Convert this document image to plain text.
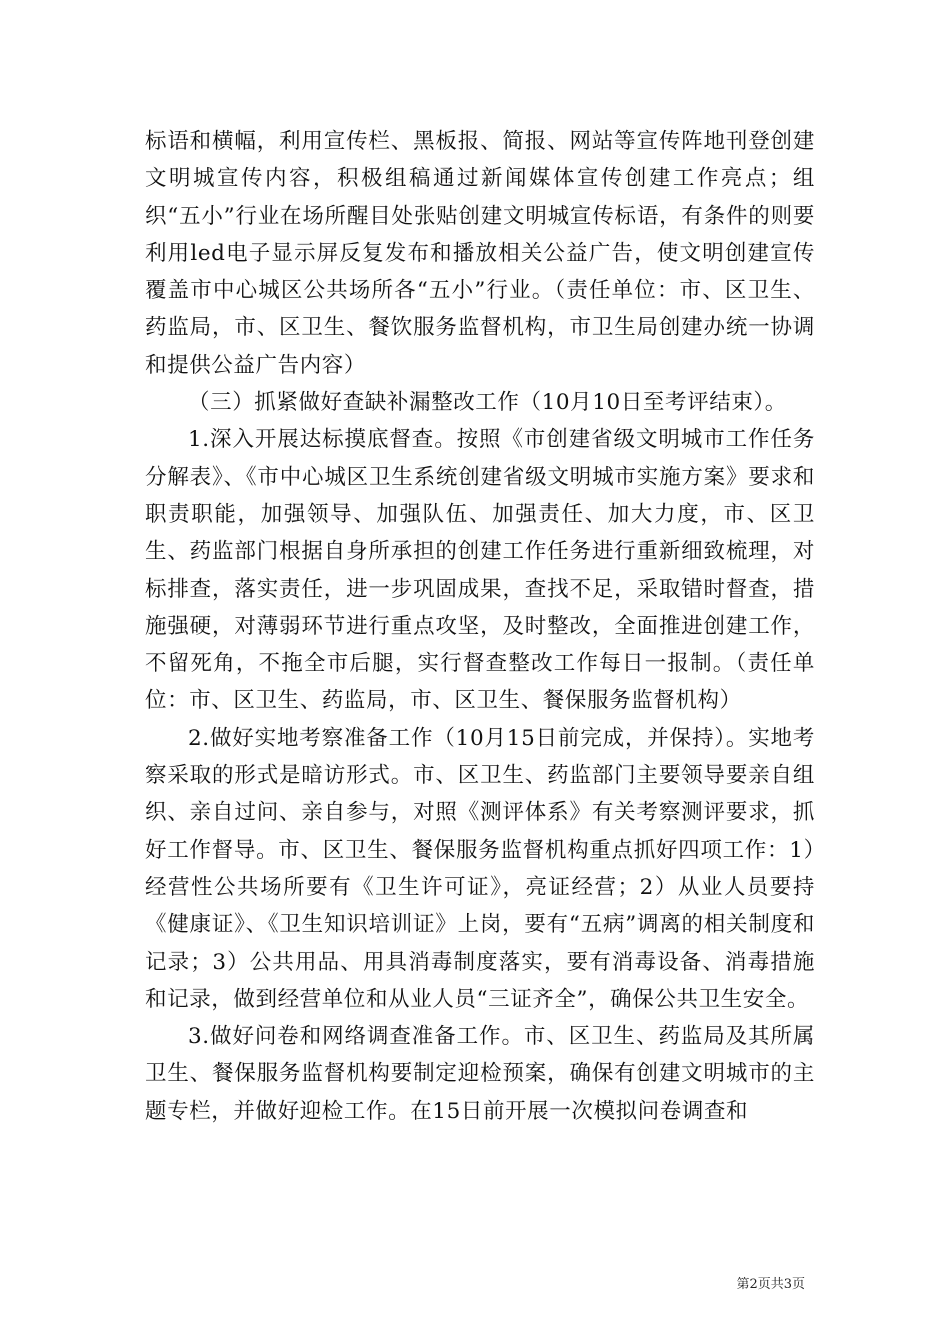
标语和横幅，利用宣传栏、黑板报、简报、网站等宣传阵地刊登创建文明城宣传内容，积极组稿通过新闻媒体宣传创建工作亮点；组织“五小”行业在场所醒目处张贴创建文明城宣传标语，有条件的则要利用led电子显示屏反复发布和播放相关公益广告，使文明创建宣传覆盖市中心城区公共场所各“五小”行业。（责任单位：市、区卫生、药监局，市、区卫生、餐饮服务监督机构，市卫生局创建办统一协调和提供公益广告内容）

（三）抓紧做好查缺补漏整改工作（10月10日至考评结束）。

1.深入开展达标摸底督查。按照《市创建省级文明城市工作任务分解表》、《市中心城区卫生系统创建省级文明城市实施方案》要求和职责职能，加强领导、加强队伍、加强责任、加大力度，市、区卫生、药监部门根据自身所承担的创建工作任务进行重新细致梳理，对标排查，落实责任，进一步巩固成果，查找不足，采取错时督查，措施强硬，对薄弱环节进行重点攻坚，及时整改，全面推进创建工作，不留死角，不拖全市后腿，实行督查整改工作每日一报制。（责任单位：市、区卫生、药监局，市、区卫生、餐保服务监督机构）

2.做好实地考察准备工作（10月15日前完成，并保持）。实地考察采取的形式是暗访形式。市、区卫生、药监部门主要领导要亲自组织、亲自过问、亲自参与，对照《测评体系》有关考察测评要求，抓好工作督导。市、区卫生、餐保服务监督机构重点抓好四项工作：1）经营性公共场所要有《卫生许可证》，亮证经营；2）从业人员要持《健康证》、《卫生知识培训证》上岗，要有“五病”调离的相关制度和记录；3）公共用品、用具消毒制度落实，要有消毒设备、消毒措施和记录，做到经营单位和从业人员“三证齐全”，确保公共卫生安全。

3.做好问卷和网络调查准备工作。市、区卫生、药监局及其所属卫生、餐保服务监督机构要制定迎检预案，确保有创建文明城市的主题专栏，并做好迎检工作。在15日前开展一次模拟问卷调查和

第2页共3页
